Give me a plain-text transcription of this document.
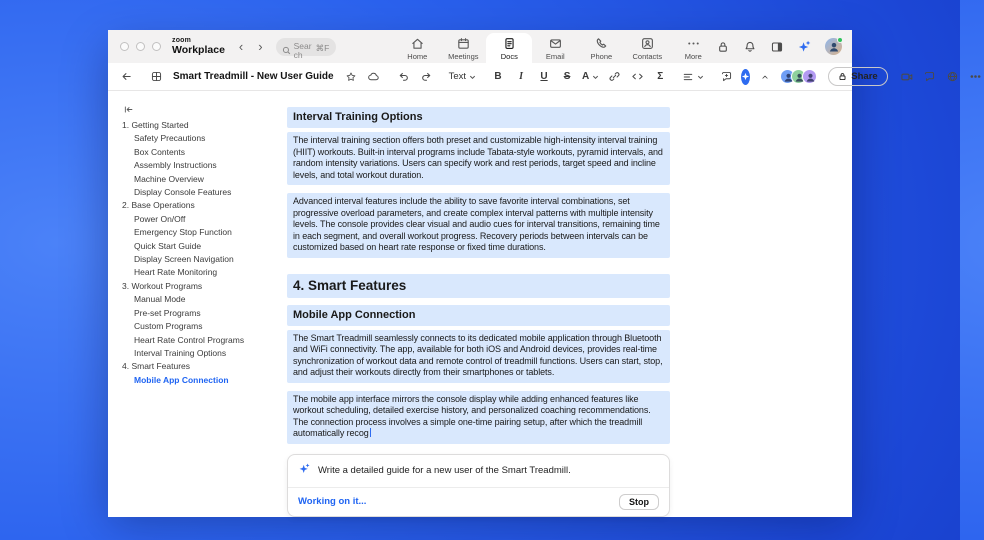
zoom
Workplace ‹ ›	Search
⌘F
Home	Meetings	Docs	Email	Phone	Contacts	More
Smart Treadmill - New User Guide	Text	B	I	U	S	A	Σ	Share
1. Getting Started
Safety Precautions
Box Contents
Assembly Instructions
Machine Overview
Display Console Features
2. Base Operations
Power On/Off
Emergency Stop Function
Quick Start Guide
Display Screen Navigation
Heart Rate Monitoring
3. Workout Programs
Manual Mode
Pre-set Programs
Custom Programs
Heart Rate Control Programs
Interval Training Options
4. Smart Features
Mobile App Connection
Interval Training Options
The interval training section offers both preset and customizable high-intensity interval training (HIIT) workouts. Built-in interval programs include Tabata-style workouts, pyramid intervals, and random intensity variations. Users can specify work and rest periods, target speed and incline levels, and total workout duration.
Advanced interval features include the ability to save favorite interval combinations, set progressive overload parameters, and create complex interval patterns with multiple intensity levels. The console provides clear visual and audio cues for interval transitions, remaining time in each segment, and overall workout progress. Recovery periods between intervals can be customized based on heart rate response or fixed time durations.
4. Smart Features
Mobile App Connection
The Smart Treadmill seamlessly connects to its dedicated mobile application through Bluetooth and WiFi connectivity. The app, available for both iOS and Android devices, provides real-time synchronization of workout data and remote control of treadmill functions. Users can start, stop, and adjust their workouts directly from their smartphones or tablets.
The mobile app interface mirrors the console display while adding enhanced features like workout scheduling, detailed exercise history, and personalized coaching recommendations. The connection process involves a simple one-time pairing setup, after which the treadmill automatically recog
Write a detailed guide for a new user of the Smart Treadmill.
Working on it...	Stop
